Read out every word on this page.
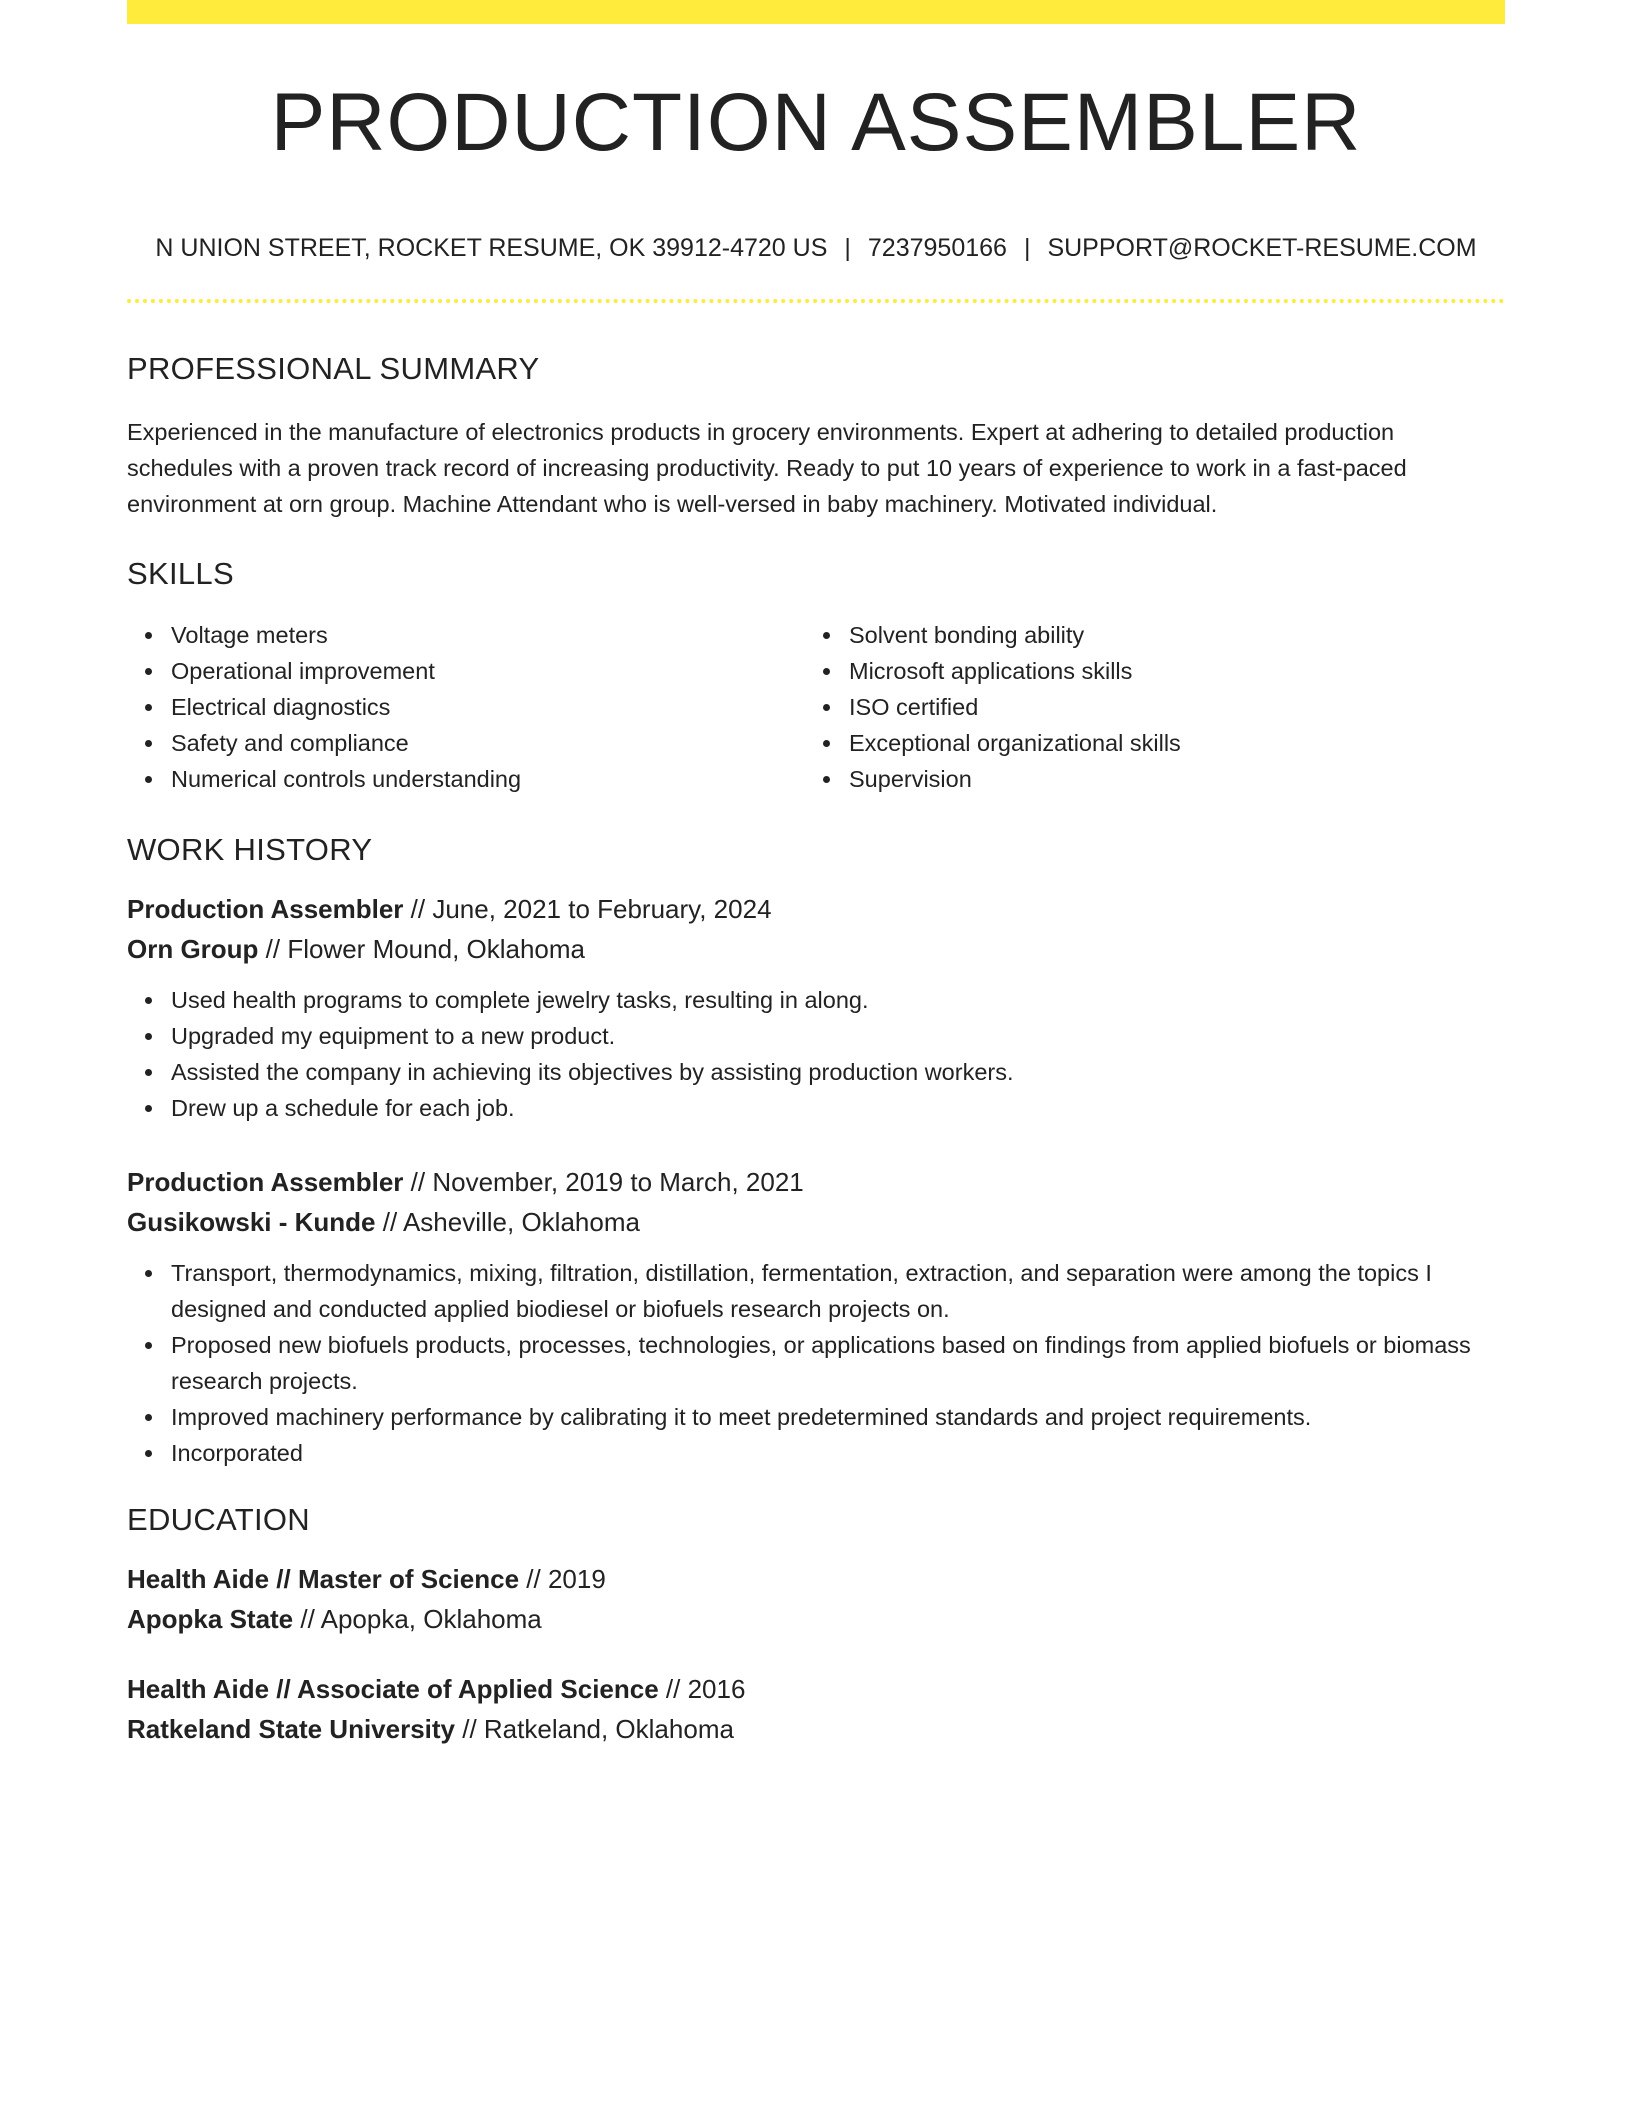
PRODUCTION ASSEMBLER
N UNION STREET, ROCKET RESUME, OK 39912-4720 US | 7237950166 | SUPPORT@ROCKET-RESUME.COM
PROFESSIONAL SUMMARY

Experienced in the manufacture of electronics products in grocery environments. Expert at adhering to detailed production schedules with a proven track record of increasing productivity. Ready to put 10 years of experience to work in a fast-paced environment at orn group. Machine Attendant who is well-versed in baby machinery. Motivated individual.

SKILLS
Voltage meters
Operational improvement
Electrical diagnostics
Safety and compliance
Numerical controls understanding
Solvent bonding ability
Microsoft applications skills
ISO certified
Exceptional organizational skills
Supervision
WORK HISTORY
Production Assembler // June, 2021 to February, 2024
Orn Group // Flower Mound, Oklahoma
Used health programs to complete jewelry tasks, resulting in along.
Upgraded my equipment to a new product.
Assisted the company in achieving its objectives by assisting production workers.
Drew up a schedule for each job.
Production Assembler // November, 2019 to March, 2021
Gusikowski - Kunde // Asheville, Oklahoma
Transport, thermodynamics, mixing, filtration, distillation, fermentation, extraction, and separation were among the topics I designed and conducted applied biodiesel or biofuels research projects on.
Proposed new biofuels products, processes, technologies, or applications based on findings from applied biofuels or biomass research projects.
Improved machinery performance by calibrating it to meet predetermined standards and project requirements.
Incorporated
EDUCATION
Health Aide // Master of Science // 2019
Apopka State // Apopka, Oklahoma
Health Aide // Associate of Applied Science // 2016
Ratkeland State University // Ratkeland, Oklahoma
